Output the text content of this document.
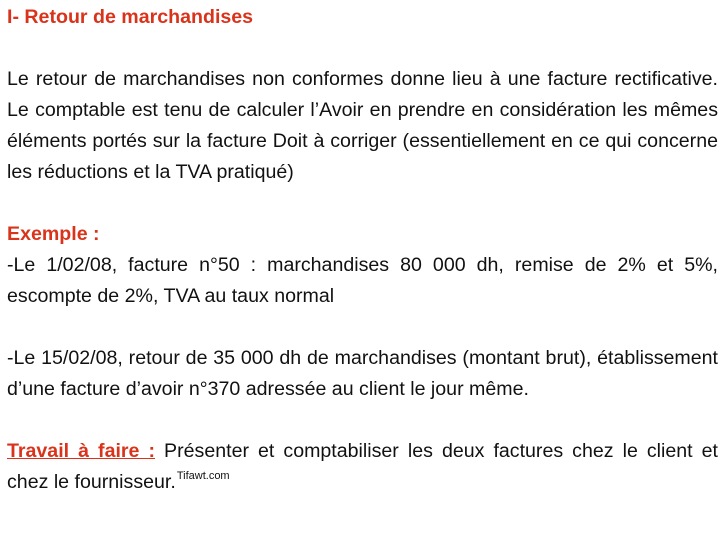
I- Retour de marchandises

Le retour de marchandises non conformes donne lieu à une facture rectificative. Le comptable est tenu de calculer l’Avoir en prendre en considération les mêmes éléments portés sur la facture Doit à corriger (essentiellement en ce qui concerne les réductions et la TVA pratiqué)

Exemple :

-Le 1/02/08, facture n°50 : marchandises 80 000 dh, remise de 2% et 5%, escompte de 2%, TVA au taux normal

-Le 15/02/08, retour de 35 000 dh de marchandises (montant brut), établissement d’une facture d’avoir n°370 adressée au client le jour même.

Travail à faire : Présenter et comptabiliser les deux factures chez le client et chez le fournisseur.$^{Tifawt.com}$
